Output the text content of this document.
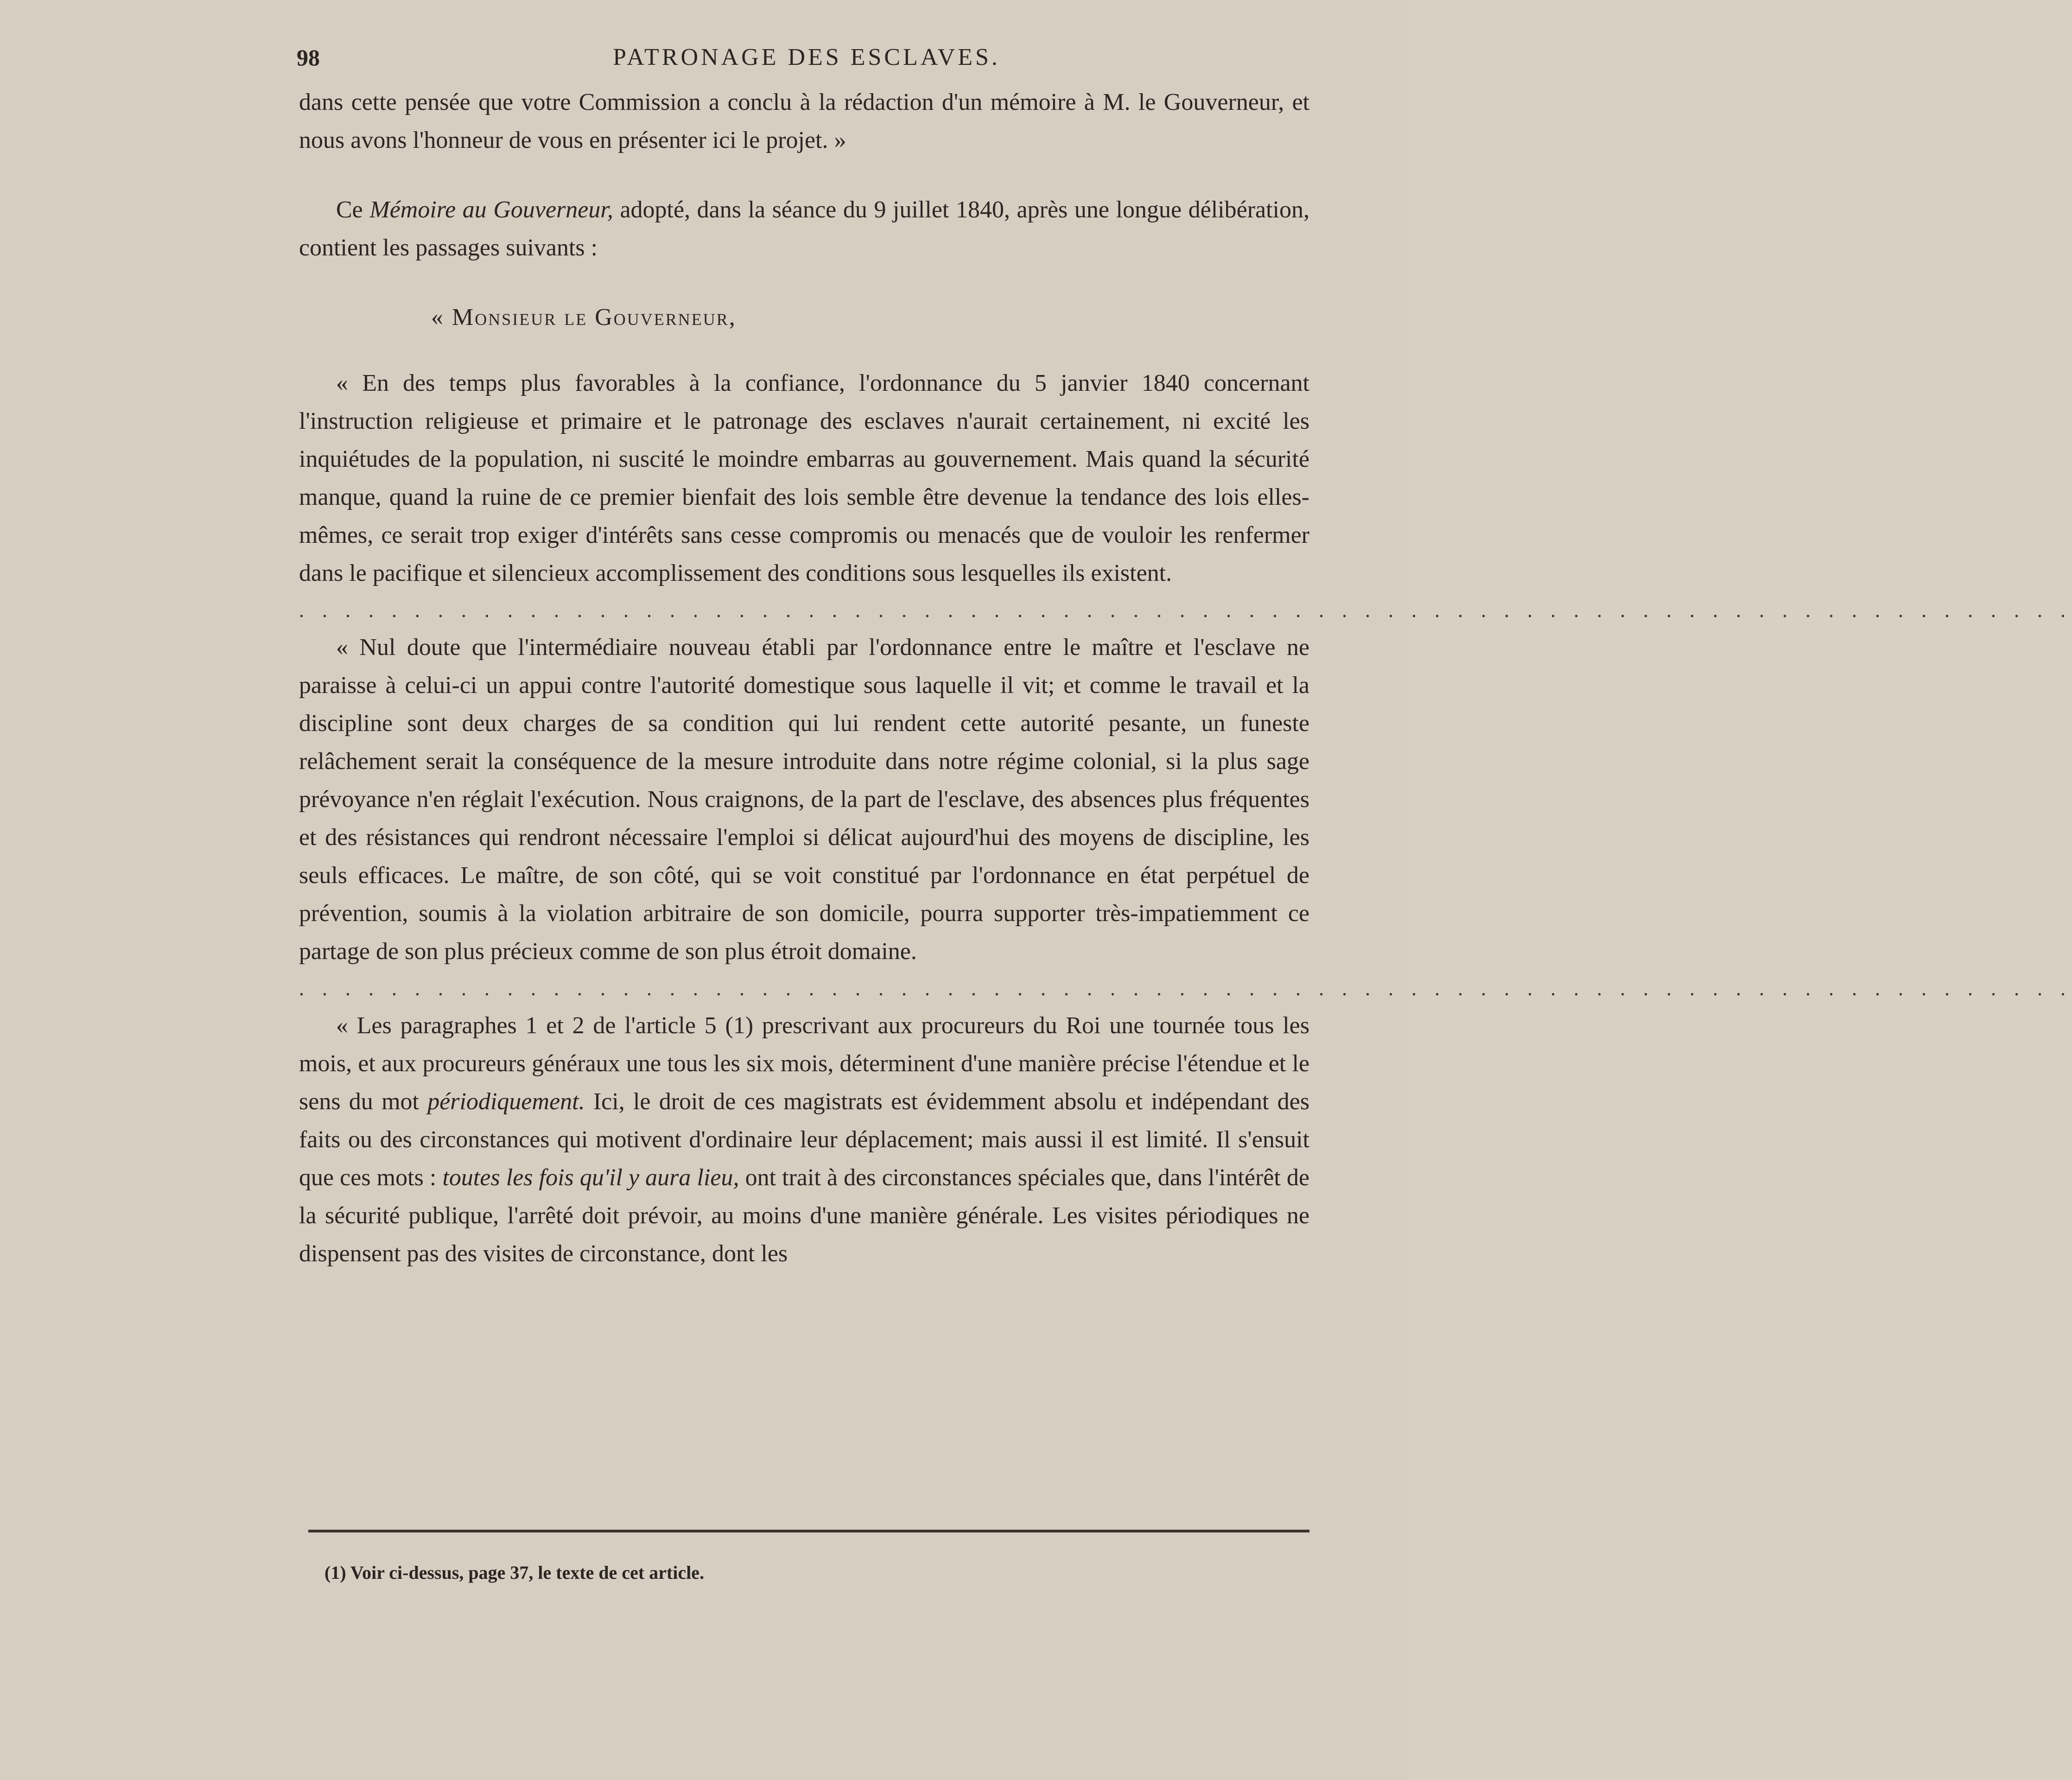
98	PATRONAGE DES ESCLAVES.

dans cette pensée que votre Commission a conclu à la rédaction d'un mémoire à M. le Gouverneur, et nous avons l'honneur de vous en présenter ici le projet. »

Ce Mémoire au Gouverneur, adopté, dans la séance du 9 juillet 1840, après une longue délibération, contient les passages suivants :

« Monsieur le Gouverneur,

« En des temps plus favorables à la confiance, l'ordonnance du 5 janvier 1840 concernant l'instruction religieuse et primaire et le patronage des esclaves n'aurait certainement, ni excité les inquiétudes de la population, ni suscité le moindre embarras au gouvernement. Mais quand la sécurité manque, quand la ruine de ce premier bienfait des lois semble être devenue la tendance des lois elles-mêmes, ce serait trop exiger d'intérêts sans cesse compromis ou menacés que de vouloir les renfermer dans le pacifique et silencieux accomplissement des conditions sous lesquelles ils existent.

. . . . . . . . . . . . . . . . . . . . . . . . . . . . . . . . . . . . . . . . . . . . . . . . . . . . . . . . . . . . . . . . . . . . . . . . . . . . .

« Nul doute que l'intermédiaire nouveau établi par l'ordonnance entre le maître et l'esclave ne paraisse à celui-ci un appui contre l'autorité domestique sous laquelle il vit; et comme le travail et la discipline sont deux charges de sa condition qui lui rendent cette autorité pesante, un funeste relâchement serait la conséquence de la mesure introduite dans notre régime colonial, si la plus sage prévoyance n'en réglait l'exécution. Nous craignons, de la part de l'esclave, des absences plus fréquentes et des résistances qui rendront nécessaire l'emploi si délicat aujourd'hui des moyens de discipline, les seuls efficaces. Le maître, de son côté, qui se voit constitué par l'ordonnance en état perpétuel de prévention, soumis à la violation arbitraire de son domicile, pourra supporter très-impatiemment ce partage de son plus précieux comme de son plus étroit domaine.

. . . . . . . . . . . . . . . . . . . . . . . . . . . . . . . . . . . . . . . . . . . . . . . . . . . . . . . . . . . . . . . . . . . . . . . . . . . . .

« Les paragraphes 1 et 2 de l'article 5 (1) prescrivant aux procureurs du Roi une tournée tous les mois, et aux procureurs généraux une tous les six mois, déterminent d'une manière précise l'étendue et le sens du mot périodiquement. Ici, le droit de ces magistrats est évidemment absolu et indépendant des faits ou des circonstances qui motivent d'ordinaire leur déplacement; mais aussi il est limité. Il s'ensuit que ces mots : toutes les fois qu'il y aura lieu, ont trait à des circonstances spéciales que, dans l'intérêt de la sécurité publique, l'arrêté doit prévoir, au moins d'une manière générale. Les visites périodiques ne dispensent pas des visites de circonstance, dont les

(1) Voir ci-dessus, page 37, le texte de cet article.
